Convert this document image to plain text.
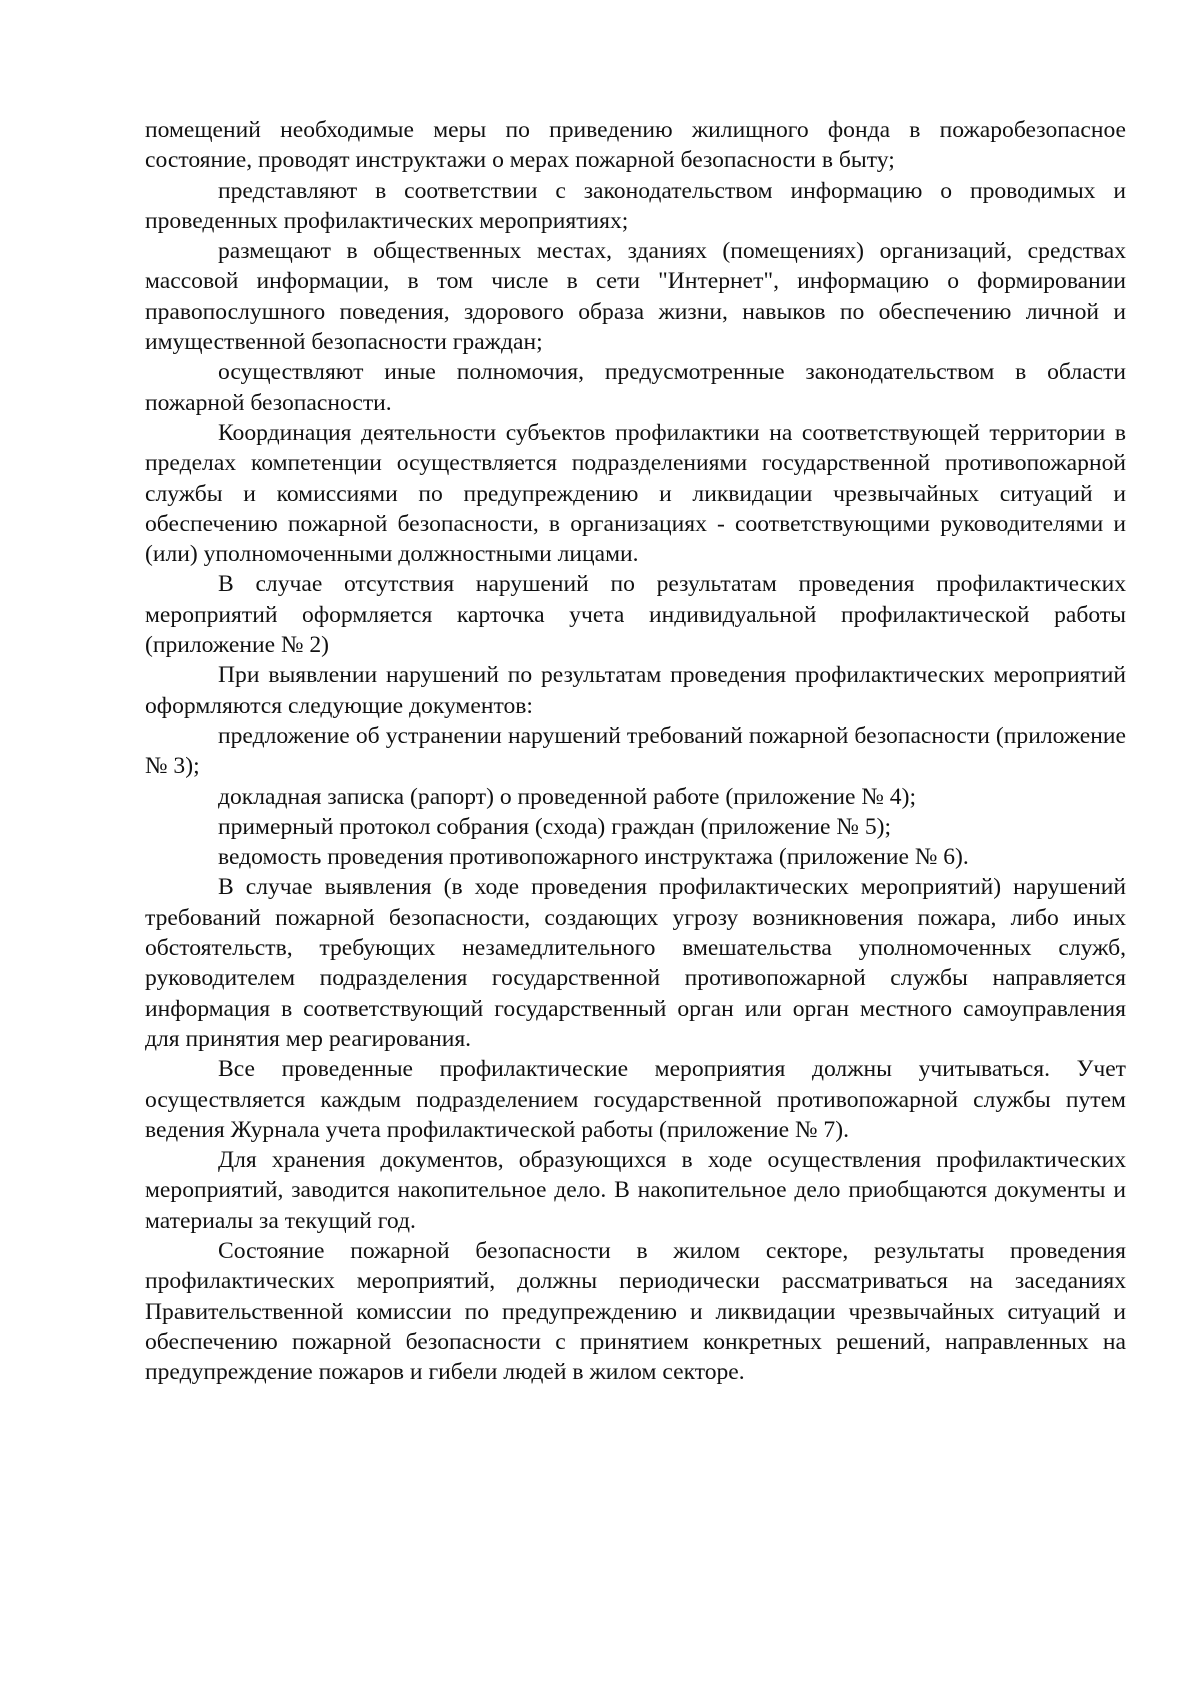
помещений необходимые меры по приведению жилищного фонда в пожаробезопасное состояние, проводят инструктажи о мерах пожарной безопасности в быту;

представляют в соответствии с законодательством информацию о проводимых и проведенных профилактических мероприятиях;

размещают в общественных местах, зданиях (помещениях) организаций, средствах массовой информации, в том числе в сети "Интернет", информацию о формировании правопослушного поведения, здорового образа жизни, навыков по обеспечению личной и имущественной безопасности граждан;

осуществляют иные полномочия, предусмотренные законодательством в области пожарной безопасности.

Координация деятельности субъектов профилактики на соответствующей территории в пределах компетенции осуществляется подразделениями государственной противопожарной службы и комиссиями по предупреждению и ликвидации чрезвычайных ситуаций и обеспечению пожарной безопасности, в организациях - соответствующими руководителями и (или) уполномоченными должностными лицами.

В случае отсутствия нарушений по результатам проведения профилактических мероприятий оформляется карточка учета индивидуальной профилактической работы (приложение № 2)

При выявлении нарушений по результатам проведения профилактических мероприятий оформляются следующие документов:

предложение об устранении нарушений требований пожарной безопасности (приложение № 3);

докладная записка (рапорт) о проведенной работе (приложение № 4);

примерный протокол собрания (схода) граждан (приложение № 5);

ведомость проведения противопожарного инструктажа (приложение № 6).

В случае выявления (в ходе проведения профилактических мероприятий) нарушений требований пожарной безопасности, создающих угрозу возникновения пожара, либо иных обстоятельств, требующих незамедлительного вмешательства уполномоченных служб, руководителем подразделения государственной противопожарной службы направляется информация в соответствующий государственный орган или орган местного самоуправления для принятия мер реагирования.

Все проведенные профилактические мероприятия должны учитываться. Учет осуществляется каждым подразделением государственной противопожарной службы путем ведения Журнала учета профилактической работы (приложение № 7).

Для хранения документов, образующихся в ходе осуществления профилактических мероприятий, заводится накопительное дело. В накопительное дело приобщаются документы и материалы за текущий год.

Состояние пожарной безопасности в жилом секторе, результаты проведения профилактических мероприятий, должны периодически рассматриваться на заседаниях Правительственной комиссии по предупреждению и ликвидации чрезвычайных ситуаций и обеспечению пожарной безопасности с принятием конкретных решений, направленных на предупреждение пожаров и гибели людей в жилом секторе.
